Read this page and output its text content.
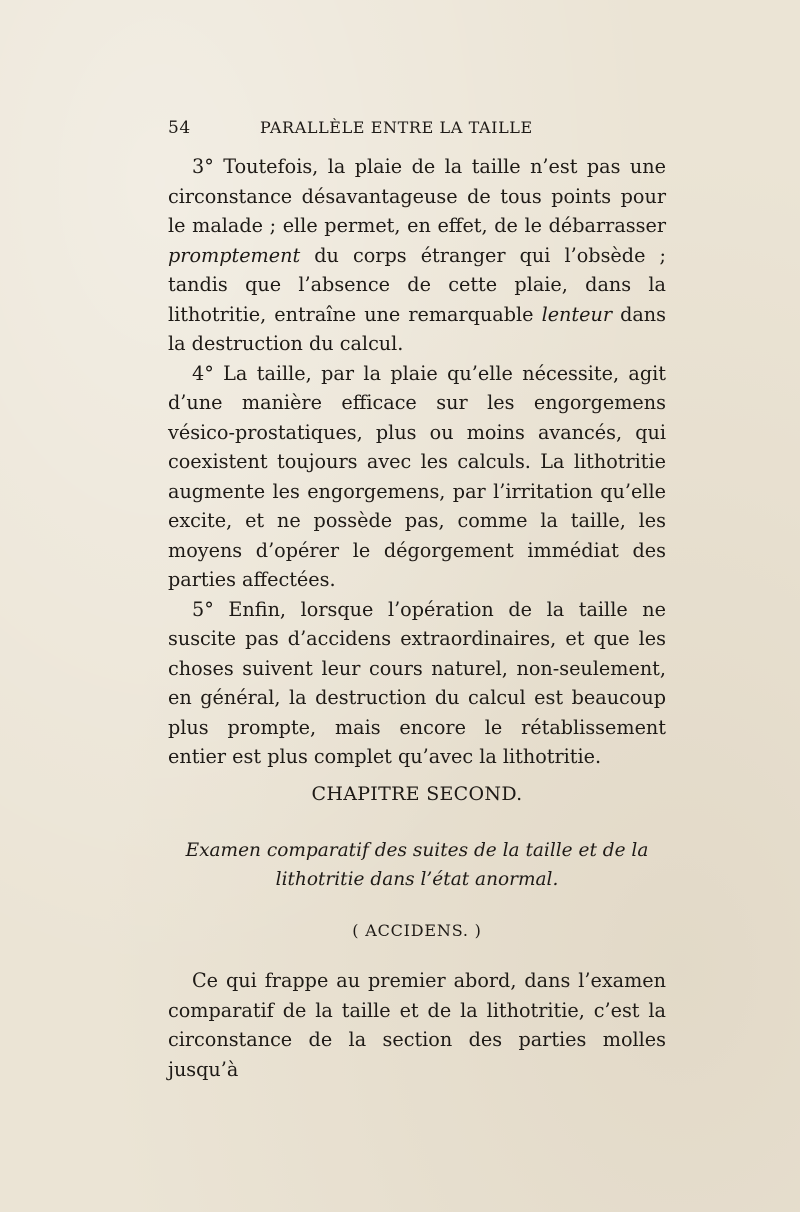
54	PARALLÈLE ENTRE LA TAILLE

3° Toutefois, la plaie de la taille n’est pas une circonstance désavantageuse de tous points pour le malade ; elle permet, en effet, de le débarrasser promptement du corps étranger qui l’obsède ; tandis que l’absence de cette plaie, dans la lithotritie, entraîne une remarquable lenteur dans la destruction du calcul.

4° La taille, par la plaie qu’elle nécessite, agit d’une manière efficace sur les engorgemens vésico-prostatiques, plus ou moins avancés, qui coexistent toujours avec les calculs. La lithotritie augmente les engorgemens, par l’irritation qu’elle excite, et ne possède pas, comme la taille, les moyens d’opérer le dégorgement immédiat des parties affectées.

5° Enfin, lorsque l’opération de la taille ne suscite pas d’accidens extraordinaires, et que les choses suivent leur cours naturel, non-seulement, en général, la destruction du calcul est beaucoup plus prompte, mais encore le rétablissement entier est plus complet qu’avec la lithotritie.

CHAPITRE SECOND.
Examen comparatif des suites de la taille et de la lithotritie dans l’état anormal.
( ACCIDENS. )

Ce qui frappe au premier abord, dans l’examen comparatif de la taille et de la lithotritie, c’est la circonstance de la section des parties molles jusqu’à
